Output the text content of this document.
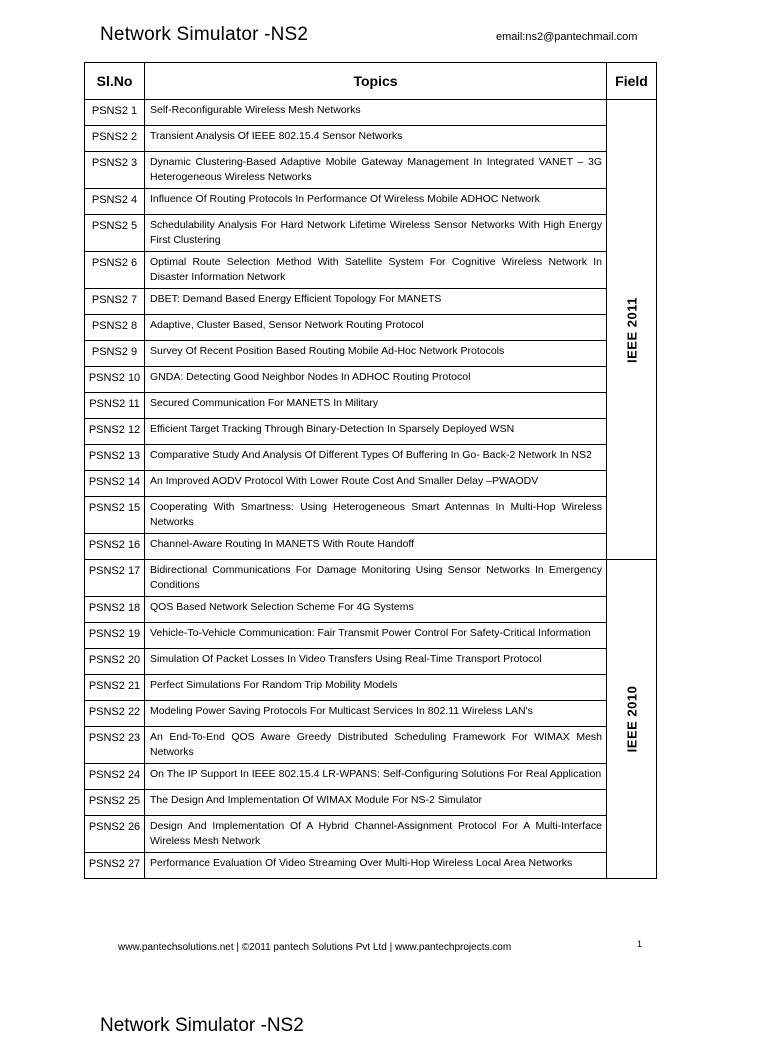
Network Simulator -NS2	email:ns2@pantechmail.com
Sl.No	Topics	Field
PSNS2 1	Self-Reconfigurable Wireless Mesh Networks	IEEE 2011

PSNS2 2	Transient Analysis Of IEEE 802.15.4 Sensor Networks	
PSNS2 3	Dynamic Clustering-Based Adaptive Mobile Gateway Management In Integrated VANET – 3G Heterogeneous Wireless Networks	
PSNS2 4	Influence Of Routing Protocols In Performance Of Wireless Mobile ADHOC Network	
PSNS2 5	Schedulability Analysis For Hard Network Lifetime Wireless Sensor Networks With High Energy First Clustering	
PSNS2 6	Optimal Route Selection Method With Satellite System For Cognitive Wireless Network In Disaster Information Network	
PSNS2 7	DBET: Demand Based Energy Efficient Topology For MANETS	
PSNS2 8	Adaptive, Cluster Based, Sensor Network Routing Protocol	
PSNS2 9	Survey Of Recent Position Based Routing Mobile Ad-Hoc Network Protocols	
PSNS2 10	GNDA: Detecting Good Neighbor Nodes In ADHOC Routing Protocol	
PSNS2 11	Secured Communication For MANETS In Military	
PSNS2 12	Efficient Target Tracking Through Binary-Detection In Sparsely Deployed WSN	
PSNS2 13	Comparative Study And Analysis Of Different Types Of Buffering In Go- Back-2 Network In NS2	
PSNS2 14	An Improved AODV Protocol With Lower Route Cost And Smaller Delay –PWAODV	
PSNS2 15	Cooperating With Smartness: Using Heterogeneous Smart Antennas In Multi-Hop Wireless Networks	
PSNS2 16	Channel-Aware Routing In MANETS With Route Handoff	
PSNS2 17	Bidirectional Communications For Damage Monitoring Using Sensor Networks In Emergency Conditions	IEEE 2010

PSNS2 18	QOS Based Network Selection Scheme For 4G Systems	
PSNS2 19	Vehicle-To-Vehicle Communication: Fair Transmit Power Control For Safety-Critical Information	
PSNS2 20	Simulation Of Packet Losses In Video Transfers Using Real-Time Transport Protocol	
PSNS2 21	Perfect Simulations For Random Trip Mobility Models	
PSNS2 22	Modeling Power Saving Protocols For Multicast Services In 802.11 Wireless LAN's	
PSNS2 23	An End-To-End QOS Aware Greedy Distributed Scheduling Framework For WIMAX Mesh Networks	
PSNS2 24	On The IP Support In IEEE 802.15.4 LR-WPANS: Self-Configuring Solutions For Real Application	
PSNS2 25	The Design And Implementation Of WIMAX Module For NS-2 Simulator	
PSNS2 26	Design And Implementation Of A Hybrid Channel-Assignment Protocol For A Multi-Interface Wireless Mesh Network	
PSNS2 27	Performance Evaluation Of Video Streaming Over Multi-Hop Wireless Local Area Networks	
www.pantechsolutions.net | ©2011 pantech Solutions Pvt Ltd | www.pantechprojects.com	1
Network Simulator -NS2
